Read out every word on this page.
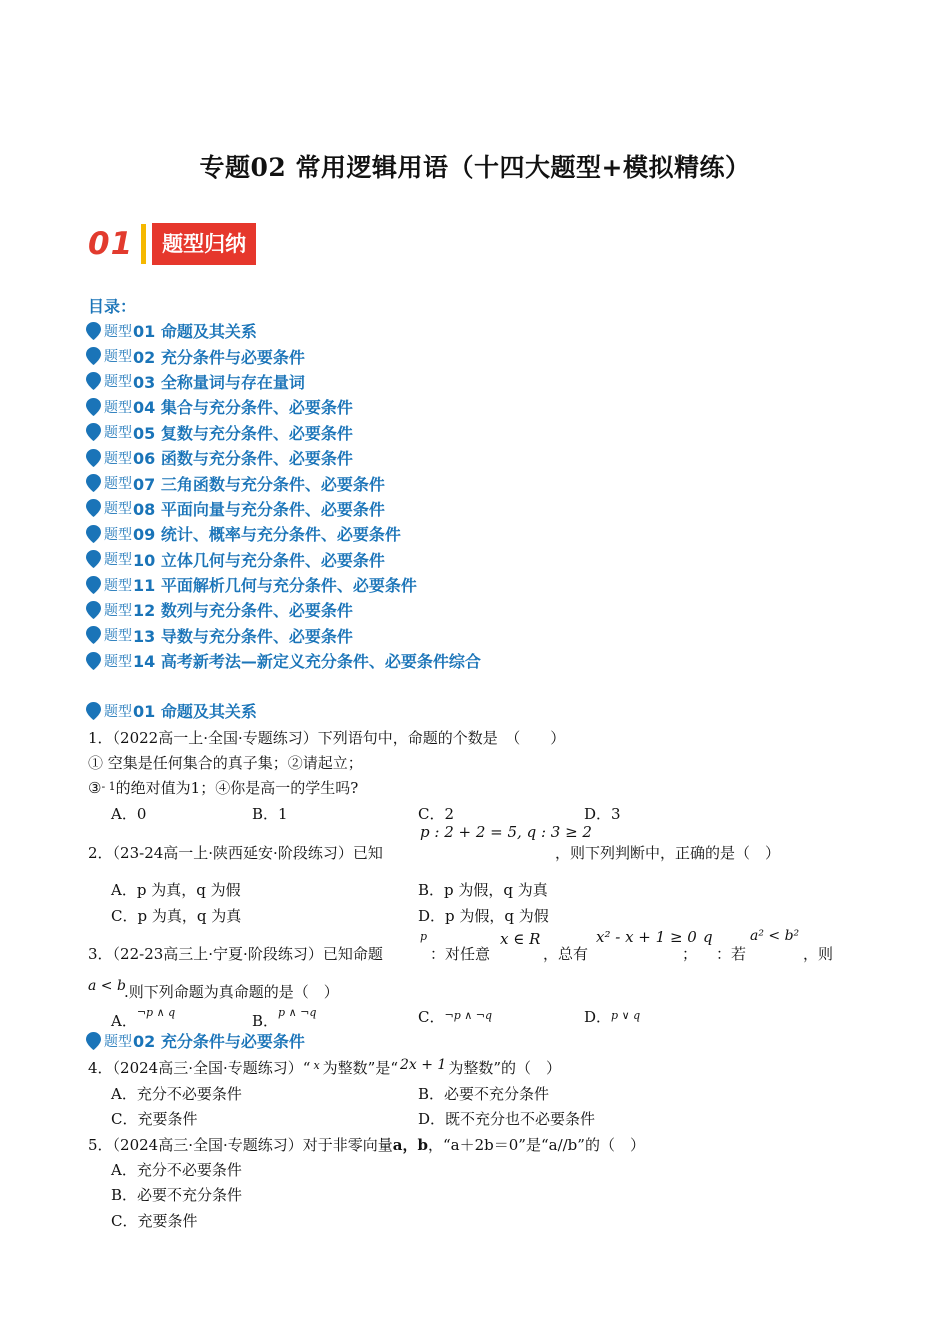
专题02 常用逻辑用语（十四大题型+模拟精练）
01	题型归纳
目录：
题型 01 命题及其关系
题型 02 充分条件与必要条件
题型 03 全称量词与存在量词
题型 04 集合与充分条件、必要条件
题型 05 复数与充分条件、必要条件
题型 06 函数与充分条件、必要条件
题型 07 三角函数与充分条件、必要条件
题型 08 平面向量与充分条件、必要条件
题型 09 统计、概率与充分条件、必要条件
题型 10 立体几何与充分条件、必要条件
题型 11 平面解析几何与充分条件、必要条件
题型 12 数列与充分条件、必要条件
题型 13 导数与充分条件、必要条件
题型 14 高考新考法—新定义充分条件、必要条件综合
题型 01 命题及其关系
1．（2022高一上·全国·专题练习）下列语句中，命题的个数是　（　　）
① 空集是任何集合的真子集；②请起立；
③$^{- 1}$的绝对值为1；④你是高一的学生吗?
A．0	B．1	C．2	D．3
2．（23-24高一上·陕西延安·阶段练习）已知
p : 2 + 2 = 5, q : 3 ≥ 2
，则下列判断中，正确的是（　）
A．p 为真，q 为假	B．p 为假，q 为真
C．p 为真，q 为真	D．p 为假，q 为假
3．（22-23高三上·宁夏·阶段练习）已知命题
p
：对任意
x ∈ R
，总有
x² - x + 1 ≥ 0
；
q
：若
a² < b²
，则
a < b
.则下列命题为真命题的是（　）
A．$^{\neg p \wedge q}$	B．$^{p \wedge \neg q}$	C．$^{\neg p \wedge \neg q}$	D．$^{p \vee q}$
题型 02 充分条件与必要条件
4．（2024高三·全国·专题练习）“ $^x$ 为整数”是“ 2x + 1 为整数”的（　）
A．充分不必要条件	B．必要不充分条件
C．充要条件	D．既不充分也不必要条件
5．（2024高三·全国·专题练习）对于非零向量a，b，“a＋2b＝0”是“a//b”的（　）
A．充分不必要条件
B．必要不充分条件
C．充要条件
